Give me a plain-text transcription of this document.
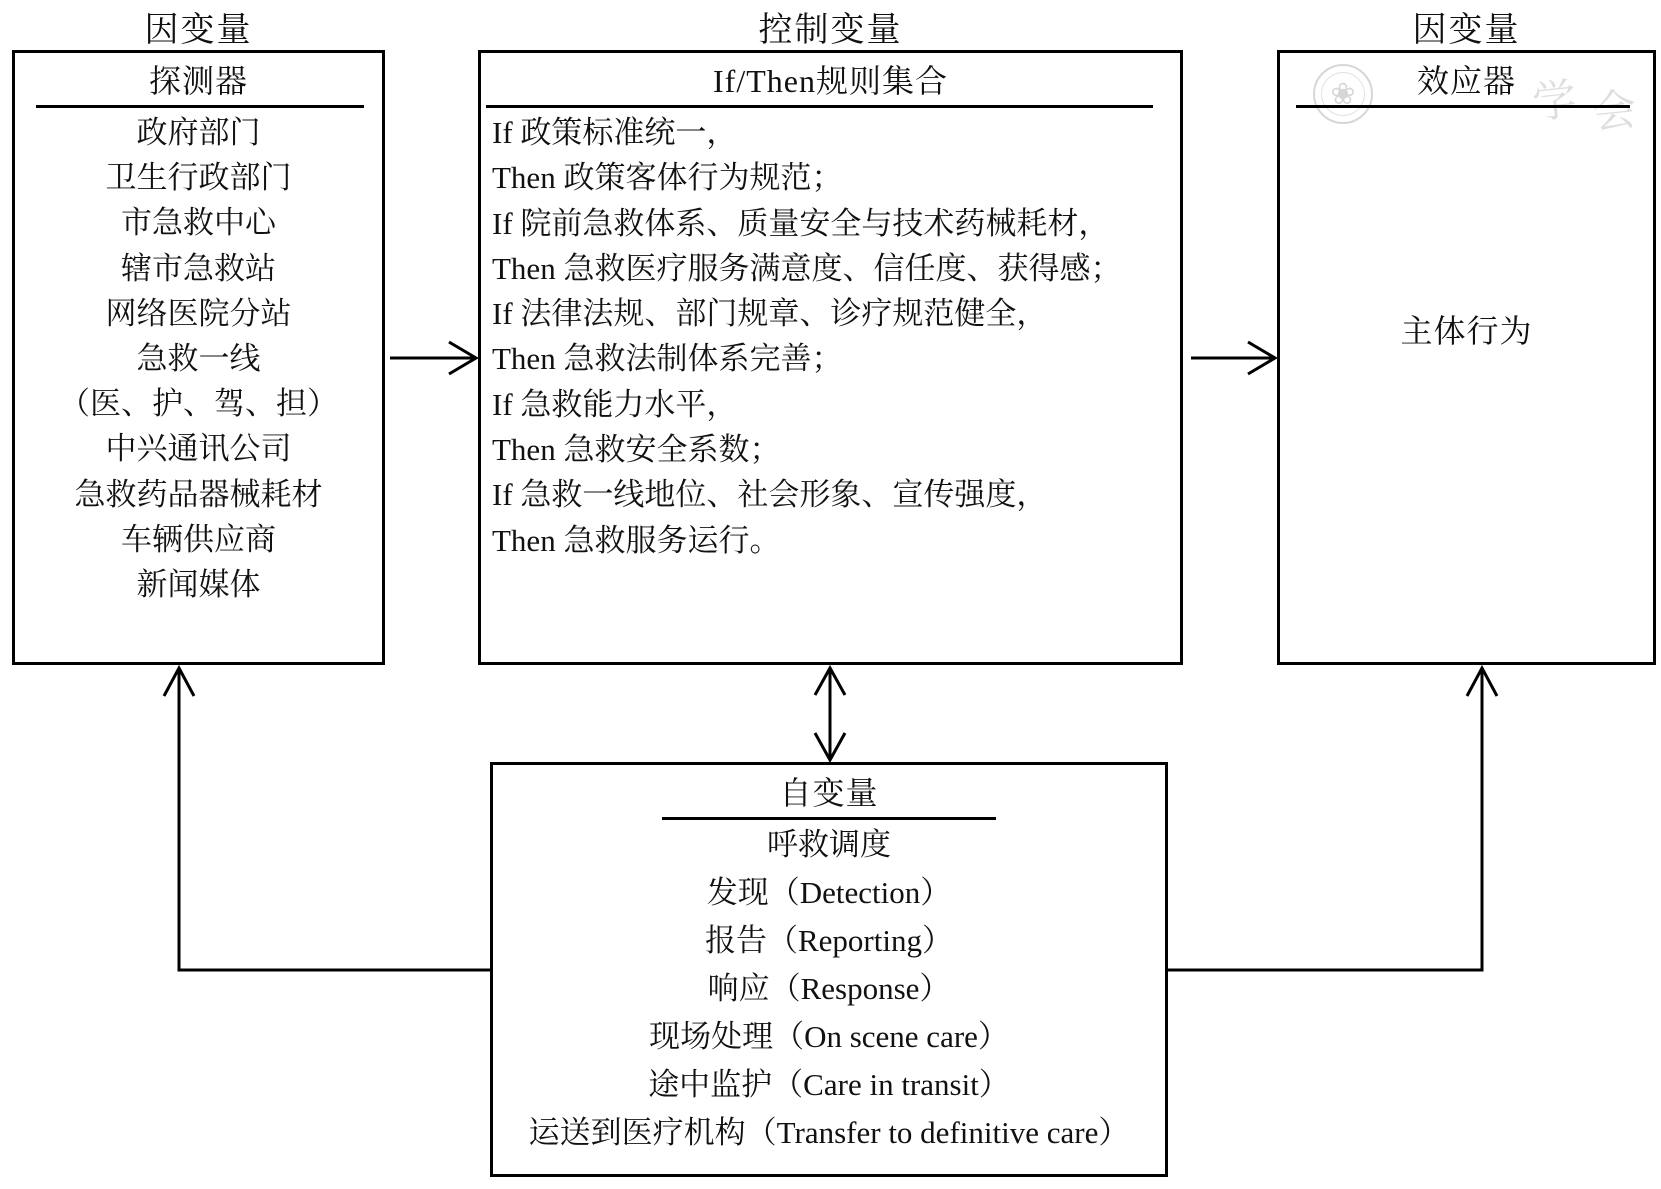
因变量	控制变量	因变量
探测器
政府部门
卫生行政部门
市急救中心
辖市急救站
网络医院分站
急救一线
（医、护、驾、担）
中兴通讯公司
急救药品器械耗材
车辆供应商
新闻媒体
If/Then规则集合
If 政策标准统一，
Then 政策客体行为规范；
If 院前急救体系、质量安全与技术药械耗材，
Then 急救医疗服务满意度、信任度、获得感；
If 法律法规、部门规章、诊疗规范健全，
Then 急救法制体系完善；
If 急救能力水平，
Then 急救安全系数；
If 急救一线地位、社会形象、宣传强度，
Then 急救服务运行。
❀	学 会
效应器
主体行为
自变量
呼救调度
发现（Detection）
报告（Reporting）
响应（Response）
现场处理（On scene care）
途中监护（Care in transit）
运送到医疗机构（Transfer to definitive care）
